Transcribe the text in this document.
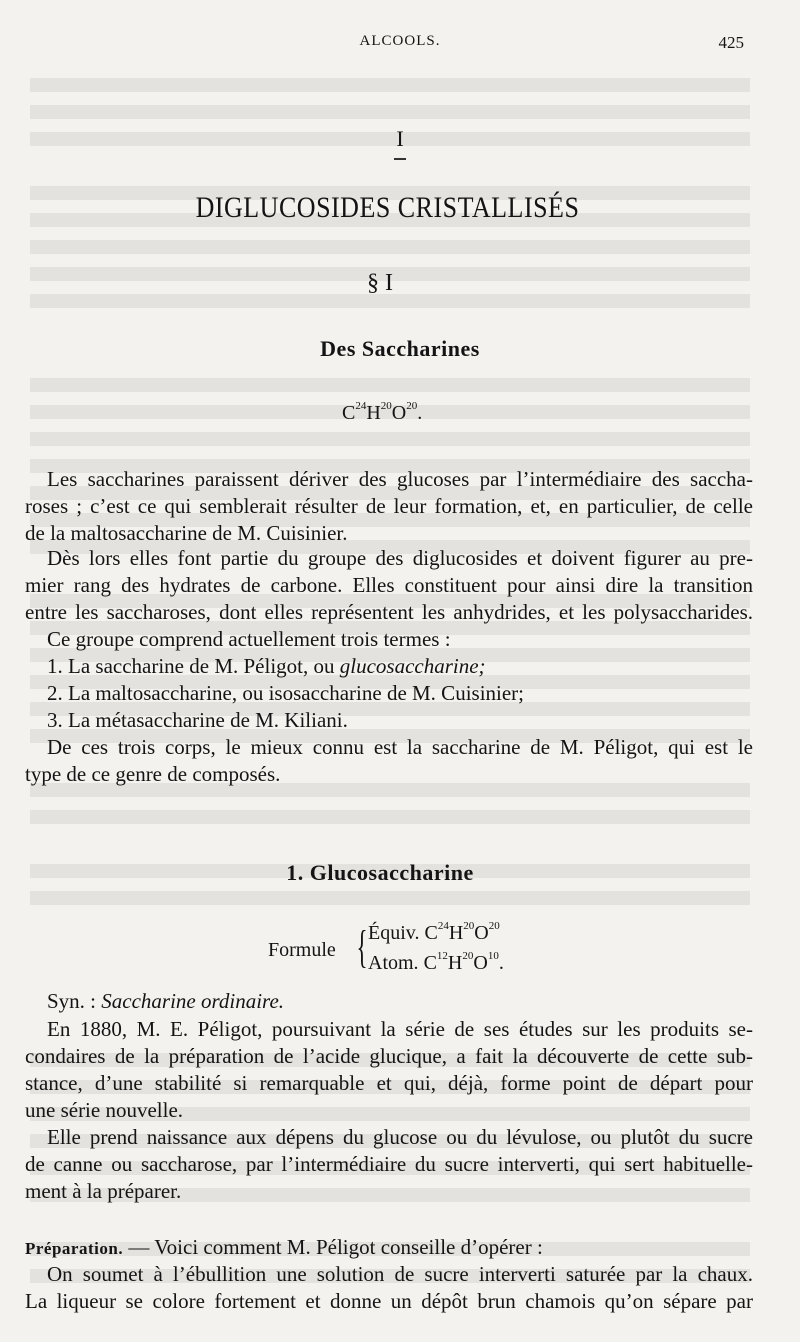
ALCOOLS.	425
I
DIGLUCOSIDES CRISTALLISÉS
§ I
Des Saccharines
$C^{24}H^{20}O^{20}$.
Les saccharines paraissent dériver des glucoses par l’intermédiaire des saccha-
roses ; c’est ce qui semblerait résulter de leur formation, et, en particulier, de celle
de la maltosaccharine de M. Cuisinier.
Dès lors elles font partie du groupe des diglucosides et doivent figurer au pre-
mier rang des hydrates de carbone. Elles constituent pour ainsi dire la transition
entre les saccharoses, dont elles représentent les anhydrides, et les polysaccharides.
Ce groupe comprend actuellement trois termes :
1. La saccharine de M. Péligot, ou glucosaccharine;
2. La maltosaccharine, ou isosaccharine de M. Cuisinier;
3. La métasaccharine de M. Kiliani.
De ces trois corps, le mieux connu est la saccharine de M. Péligot, qui est le
type de ce genre de composés.
1. Glucosaccharine
Formule { Équiv. $C^{24}H^{20}O^{20}$
Atom. $C^{12}H^{20}O^{10}$.
Syn. : Saccharine ordinaire.
En 1880, M. E. Péligot, poursuivant la série de ses études sur les produits se-
condaires de la préparation de l’acide glucique, a fait la découverte de cette sub-
stance, d’une stabilité si remarquable et qui, déjà, forme point de départ pour
une série nouvelle.
Elle prend naissance aux dépens du glucose ou du lévulose, ou plutôt du sucre
de canne ou saccharose, par l’intermédiaire du sucre interverti, qui sert habituelle-
ment à la préparer.
Préparation. — Voici comment M. Péligot conseille d’opérer :
On soumet à l’ébullition une solution de sucre interverti saturée par la chaux.
La liqueur se colore fortement et donne un dépôt brun chamois qu’on sépare par
